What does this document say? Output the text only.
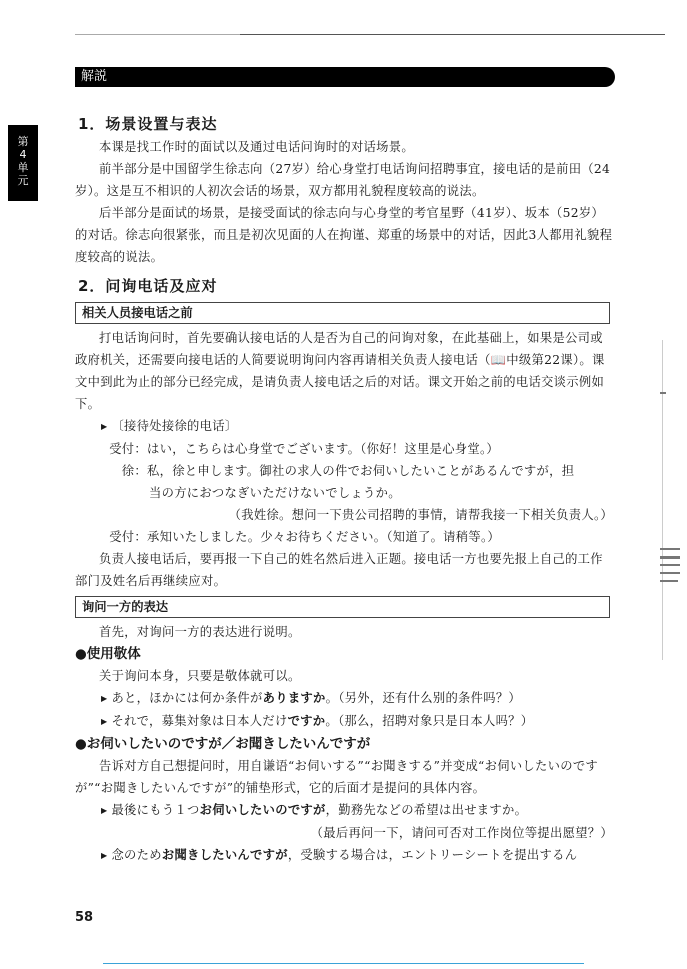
解説
第
4
单
元
1．场景设置与表达

本课是找工作时的面试以及通过电话问询时的对话场景。

前半部分是中国留学生徐志向（27岁）给心身堂打电话询问招聘事宜，接电话的是前田（24岁）。这是互不相识的人初次会话的场景，双方都用礼貌程度较高的说法。

后半部分是面试的场景，是接受面试的徐志向与心身堂的考官星野（41岁）、坂本（52岁）的对话。徐志向很紧张，而且是初次见面的人在拘谨、郑重的场景中的对话，因此3人都用礼貌程度较高的说法。

2．问询电话及应对
相关人员接电话之前

打电话询问时，首先要确认接电话的人是否为自己的问询对象，在此基础上，如果是公司或政府机关，还需要向接电话的人简要说明询问内容再请相关负责人接电话（📖中级第22课）。课文中到此为止的部分已经完成，是请负责人接电话之后的对话。课文开始之前的电话交谈示例如下。

▶ 〔接待处接徐的电话〕
受付： はい，こちらは心身堂でございます。（你好！这里是心身堂。）
徐： 私，徐と申します。御社の求人の件でお伺いしたいことがあるんですが，担
当の方におつなぎいただけないでしょうか。
（我姓徐。想问一下贵公司招聘的事情，请帮我接一下相关负责人。）
受付： 承知いたしました。少々お待ちください。（知道了。请稍等。）

负责人接电话后，要再报一下自己的姓名然后进入正题。接电话一方也要先报上自己的工作部门及姓名后再继续应对。

询问一方的表达

首先，对询问一方的表达进行说明。

●使用敬体

关于询问本身，只要是敬体就可以。

▶ あと，ほかには何か条件がありますか。（另外，还有什么别的条件吗？）
▶ それで，募集対象は日本人だけですか。（那么，招聘对象只是日本人吗？）
●お伺いしたいのですが／お聞きしたいんですが

告诉对方自己想提问时，用自谦语“お伺いする”“お聞きする”并变成“お伺いしたいのですが”“お聞きしたいんですが”的铺垫形式，它的后面才是提问的具体内容。

▶ 最後にもう１つお伺いしたいのですが，勤務先などの希望は出せますか。
（最后再问一下，请问可否对工作岗位等提出愿望？）
▶ 念のためお聞きしたいんですが，受験する場合は，エントリーシートを提出するん
58
